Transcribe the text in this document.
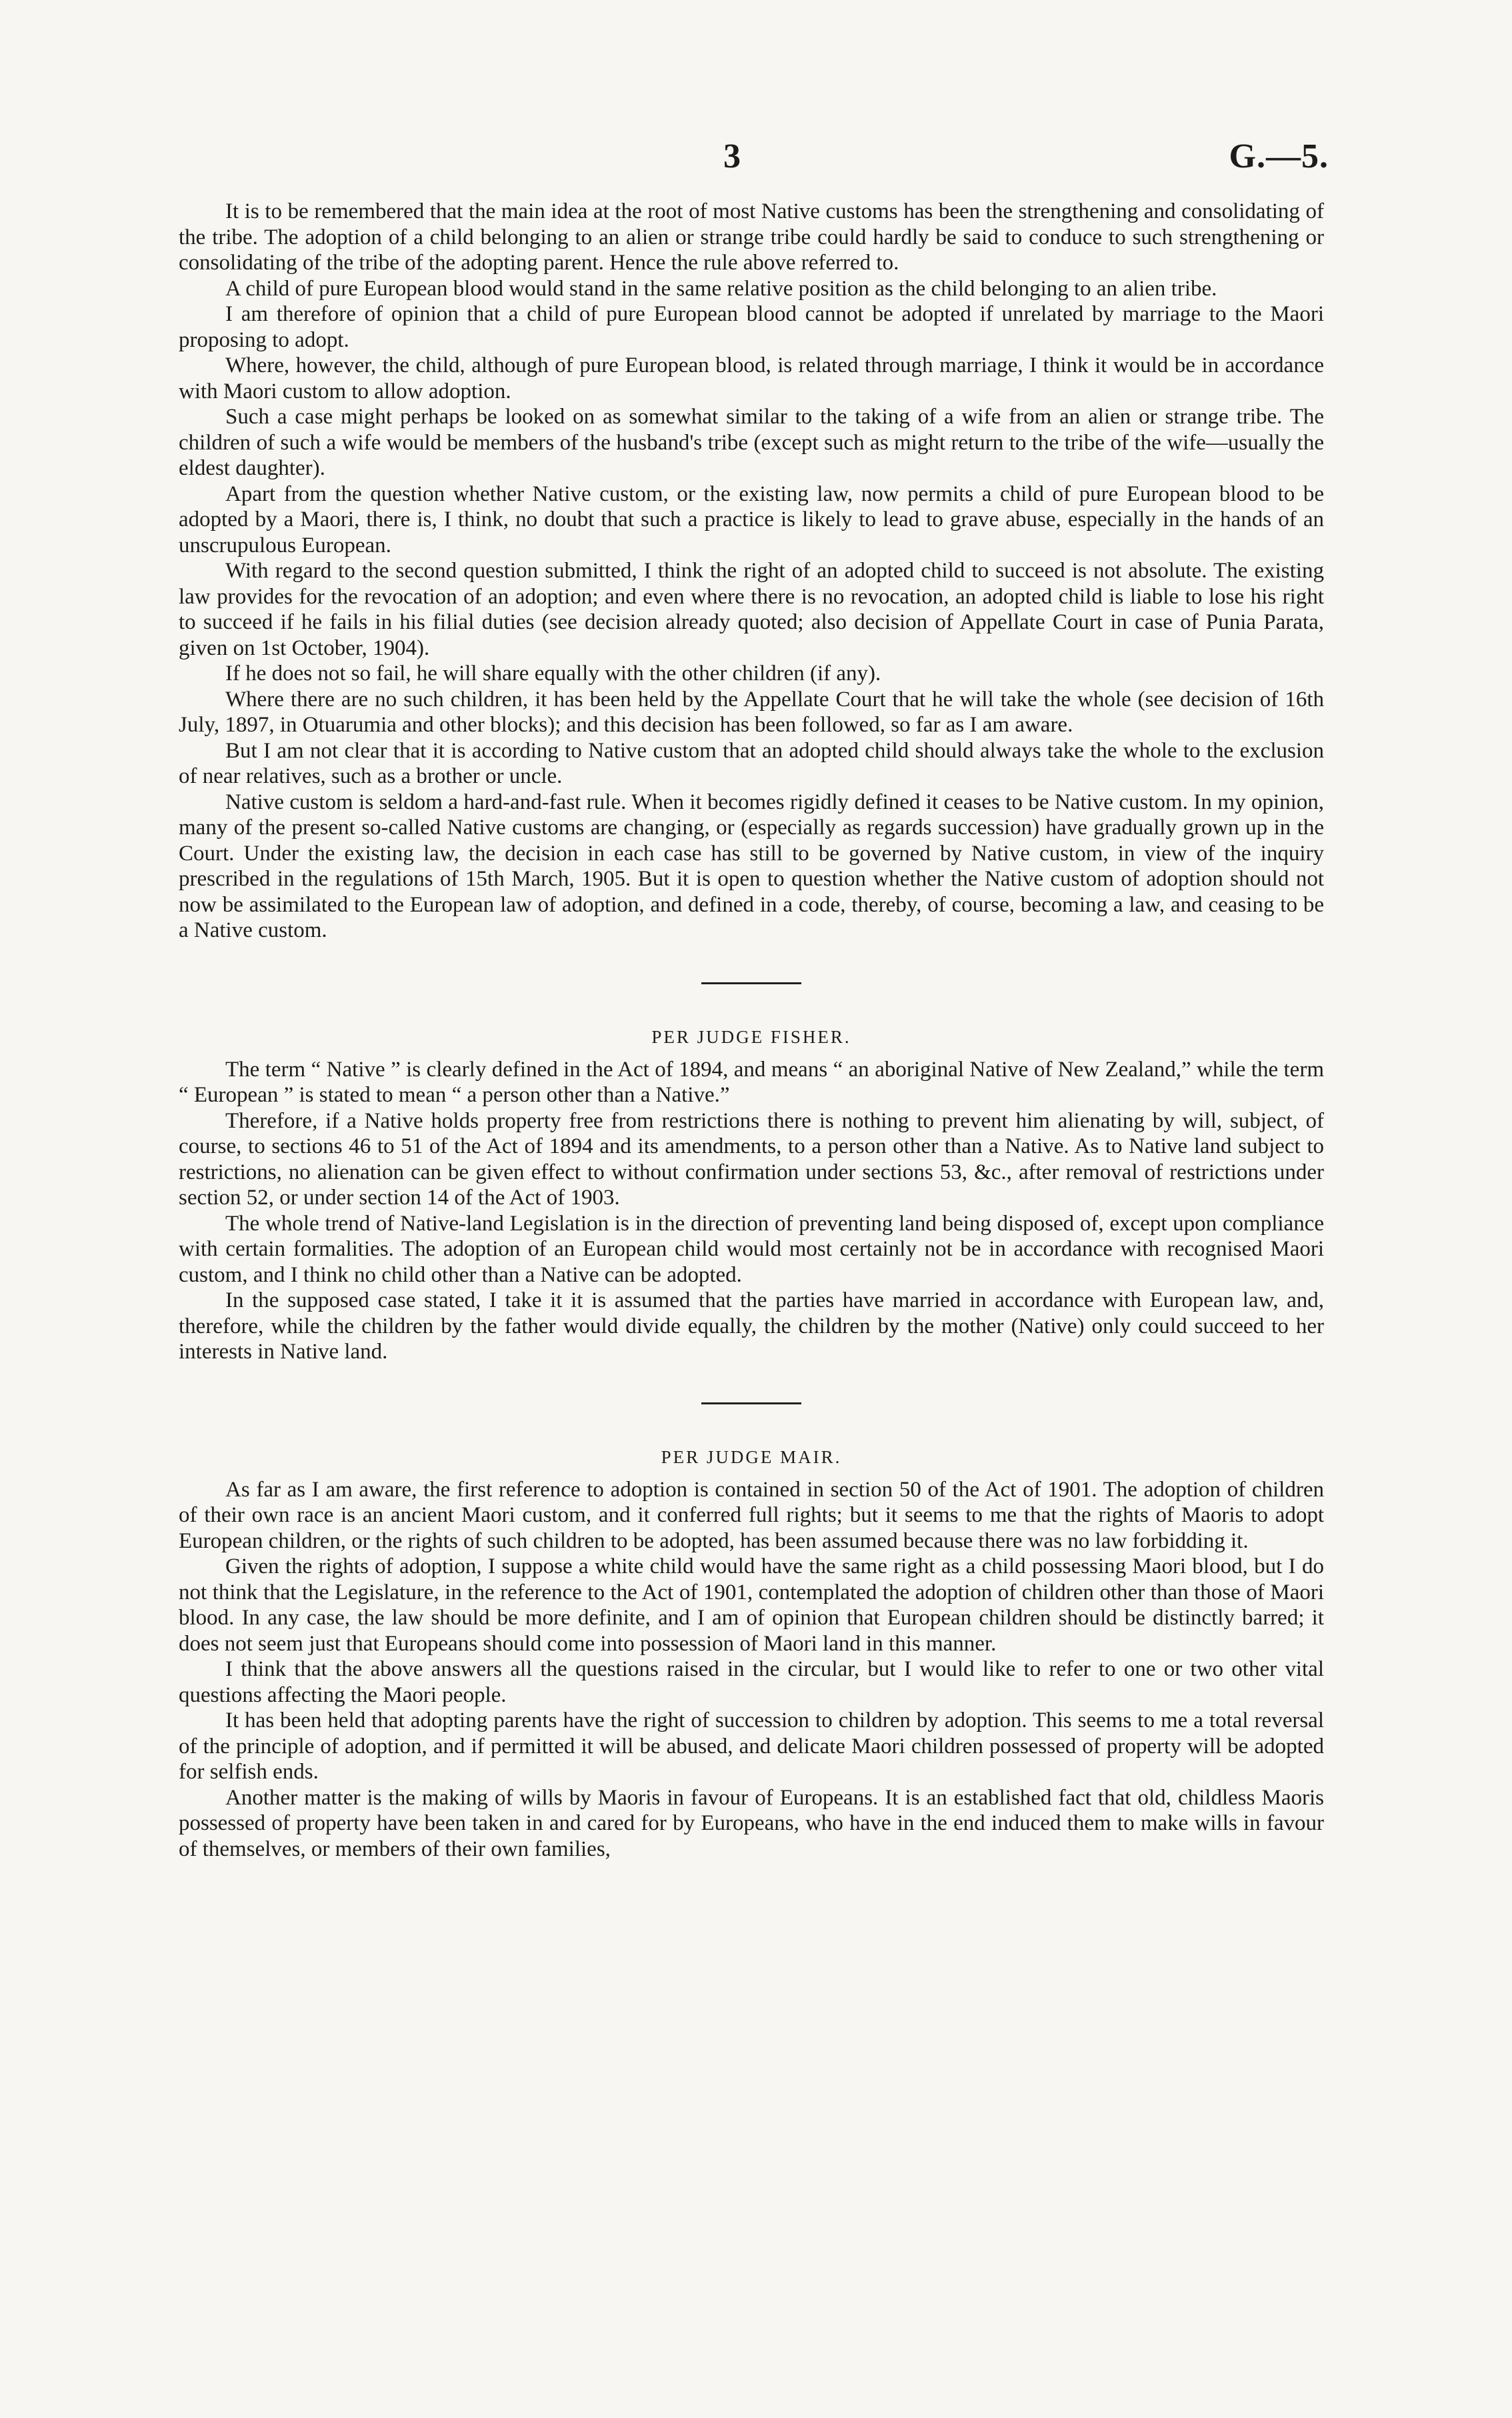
3	G.—5.

It is to be remembered that the main idea at the root of most Native customs has been the strengthening and consolidating of the tribe. The adoption of a child belonging to an alien or strange tribe could hardly be said to conduce to such strengthening or consolidating of the tribe of the adopting parent. Hence the rule above referred to.

A child of pure European blood would stand in the same relative position as the child belonging to an alien tribe.

I am therefore of opinion that a child of pure European blood cannot be adopted if unrelated by marriage to the Maori proposing to adopt.

Where, however, the child, although of pure European blood, is related through marriage, I think it would be in accordance with Maori custom to allow adoption.

Such a case might perhaps be looked on as somewhat similar to the taking of a wife from an alien or strange tribe. The children of such a wife would be members of the husband's tribe (except such as might return to the tribe of the wife—usually the eldest daughter).

Apart from the question whether Native custom, or the existing law, now permits a child of pure European blood to be adopted by a Maori, there is, I think, no doubt that such a practice is likely to lead to grave abuse, especially in the hands of an unscrupulous European.

With regard to the second question submitted, I think the right of an adopted child to succeed is not absolute. The existing law provides for the revocation of an adoption; and even where there is no revocation, an adopted child is liable to lose his right to succeed if he fails in his filial duties (see decision already quoted; also decision of Appellate Court in case of Punia Parata, given on 1st October, 1904).

If he does not so fail, he will share equally with the other children (if any).

Where there are no such children, it has been held by the Appellate Court that he will take the whole (see decision of 16th July, 1897, in Otuarumia and other blocks); and this decision has been followed, so far as I am aware.

But I am not clear that it is according to Native custom that an adopted child should always take the whole to the exclusion of near relatives, such as a brother or uncle.

Native custom is seldom a hard-and-fast rule. When it becomes rigidly defined it ceases to be Native custom. In my opinion, many of the present so-called Native customs are changing, or (especially as regards succession) have gradually grown up in the Court. Under the existing law, the decision in each case has still to be governed by Native custom, in view of the inquiry prescribed in the regulations of 15th March, 1905. But it is open to question whether the Native custom of adoption should not now be assimilated to the European law of adoption, and defined in a code, thereby, of course, becoming a law, and ceasing to be a Native custom.

PER JUDGE FISHER.

The term “ Native ” is clearly defined in the Act of 1894, and means “ an aboriginal Native of New Zealand,” while the term “ European ” is stated to mean “ a person other than a Native.”

Therefore, if a Native holds property free from restrictions there is nothing to prevent him alienating by will, subject, of course, to sections 46 to 51 of the Act of 1894 and its amendments, to a person other than a Native. As to Native land subject to restrictions, no alienation can be given effect to without confirmation under sections 53, &c., after removal of restrictions under section 52, or under section 14 of the Act of 1903.

The whole trend of Native-land Legislation is in the direction of preventing land being disposed of, except upon compliance with certain formalities. The adoption of an European child would most certainly not be in accordance with recognised Maori custom, and I think no child other than a Native can be adopted.

In the supposed case stated, I take it it is assumed that the parties have married in accordance with European law, and, therefore, while the children by the father would divide equally, the children by the mother (Native) only could succeed to her interests in Native land.

PER JUDGE MAIR.

As far as I am aware, the first reference to adoption is contained in section 50 of the Act of 1901. The adoption of children of their own race is an ancient Maori custom, and it conferred full rights; but it seems to me that the rights of Maoris to adopt European children, or the rights of such children to be adopted, has been assumed because there was no law forbidding it.

Given the rights of adoption, I suppose a white child would have the same right as a child possessing Maori blood, but I do not think that the Legislature, in the reference to the Act of 1901, contemplated the adoption of children other than those of Maori blood. In any case, the law should be more definite, and I am of opinion that European children should be distinctly barred; it does not seem just that Europeans should come into possession of Maori land in this manner.

I think that the above answers all the questions raised in the circular, but I would like to refer to one or two other vital questions affecting the Maori people.

It has been held that adopting parents have the right of succession to children by adoption. This seems to me a total reversal of the principle of adoption, and if permitted it will be abused, and delicate Maori children possessed of property will be adopted for selfish ends.

Another matter is the making of wills by Maoris in favour of Europeans. It is an established fact that old, childless Maoris possessed of property have been taken in and cared for by Europeans, who have in the end induced them to make wills in favour of themselves, or members of their own families,
